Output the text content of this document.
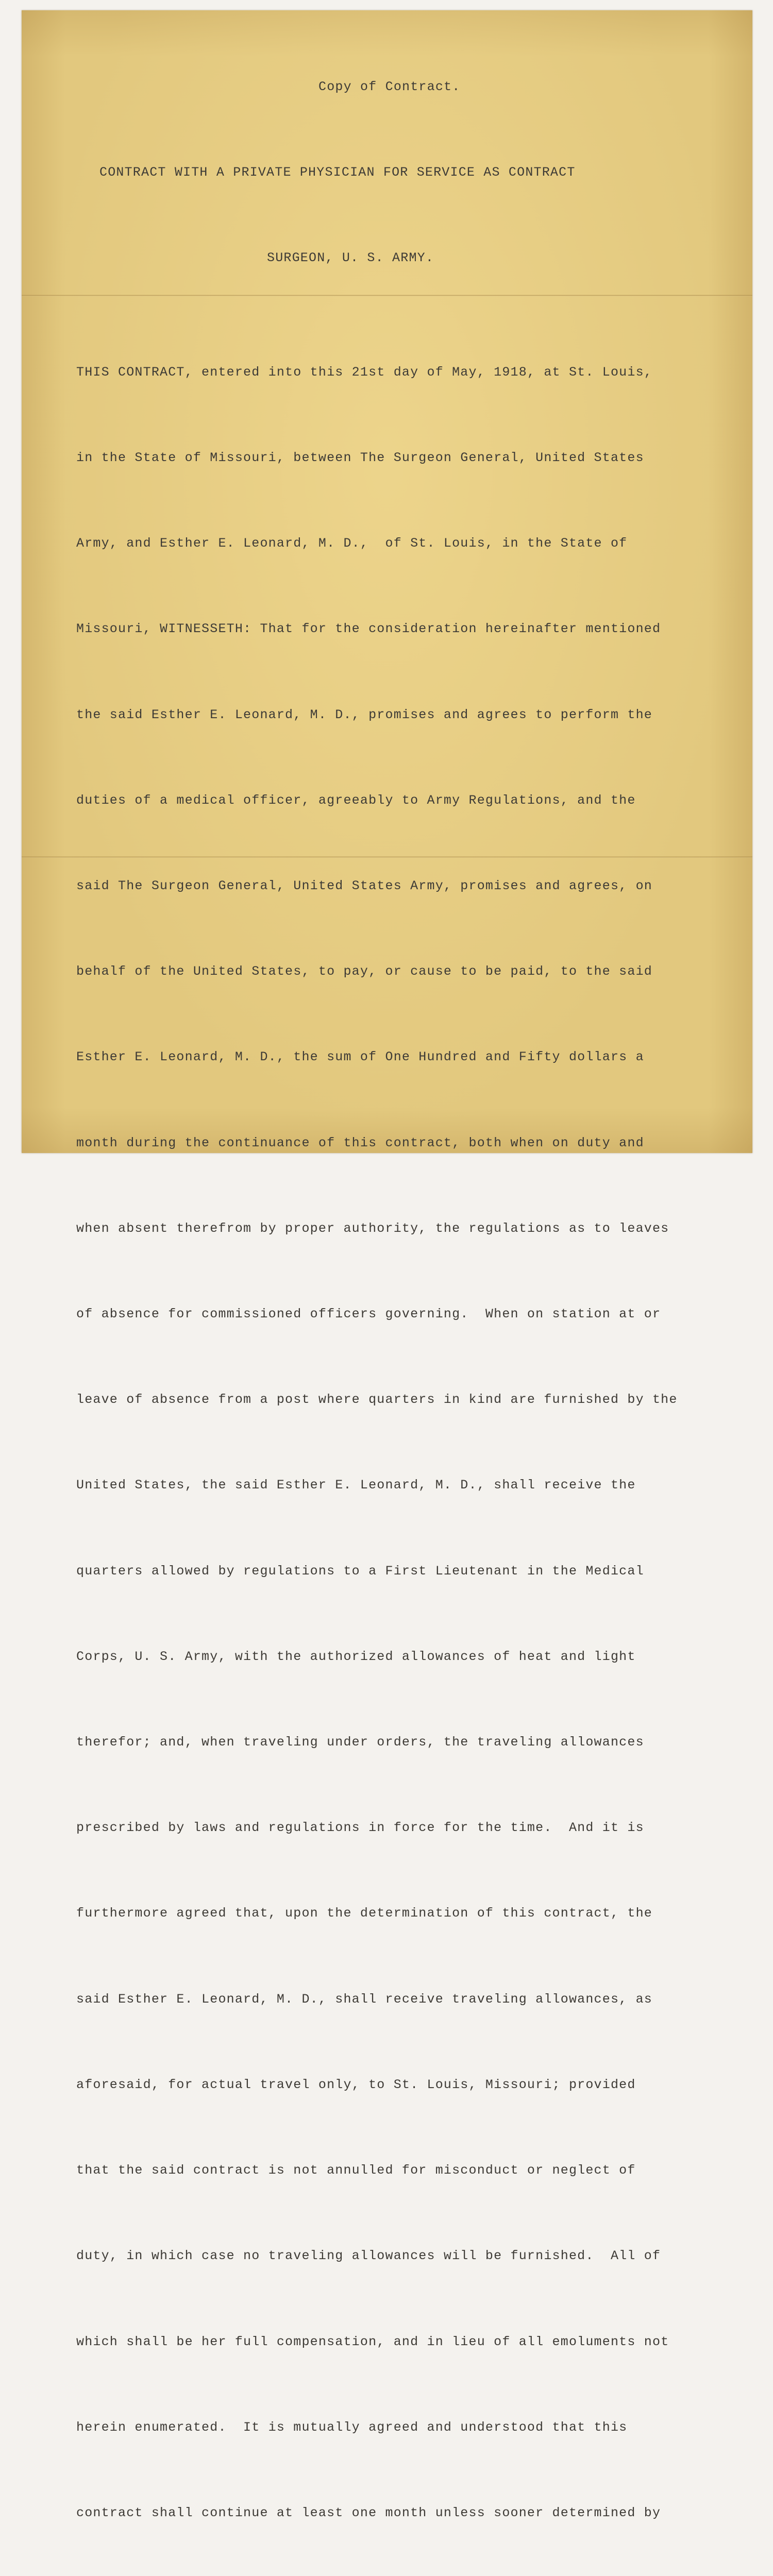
Copy of Contract.

CONTRACT WITH A PRIVATE PHYSICIAN FOR SERVICE AS CONTRACT

SURGEON, U. S. ARMY.

THIS CONTRACT, entered into this 21st day of May, 1918, at St. Louis,

in the State of Missouri, between The Surgeon General, United States

Army, and Esther E. Leonard, M. D.,  of St. Louis, in the State of

Missouri, WITNESSETH: That for the consideration hereinafter mentioned

the said Esther E. Leonard, M. D., promises and agrees to perform the

duties of a medical officer, agreeably to Army Regulations, and the

said The Surgeon General, United States Army, promises and agrees, on

behalf of the United States, to pay, or cause to be paid, to the said

Esther E. Leonard, M. D., the sum of One Hundred and Fifty dollars a

month during the continuance of this contract, both when on duty and

when absent therefrom by proper authority, the regulations as to leaves

of absence for commissioned officers governing.  When on station at or

leave of absence from a post where quarters in kind are furnished by the

United States, the said Esther E. Leonard, M. D., shall receive the

quarters allowed by regulations to a First Lieutenant in the Medical

Corps, U. S. Army, with the authorized allowances of heat and light

therefor; and, when traveling under orders, the traveling allowances

prescribed by laws and regulations in force for the time.  And it is

furthermore agreed that, upon the determination of this contract, the

said Esther E. Leonard, M. D., shall receive traveling allowances, as

aforesaid, for actual travel only, to St. Louis, Missouri; provided

that the said contract is not annulled for misconduct or neglect of

duty, in which case no traveling allowances will be furnished.  All of

which shall be her full compensation, and in lieu of all emoluments not

herein enumerated.  It is mutually agreed and understood that this

contract shall continue at least one month unless sooner determined by
